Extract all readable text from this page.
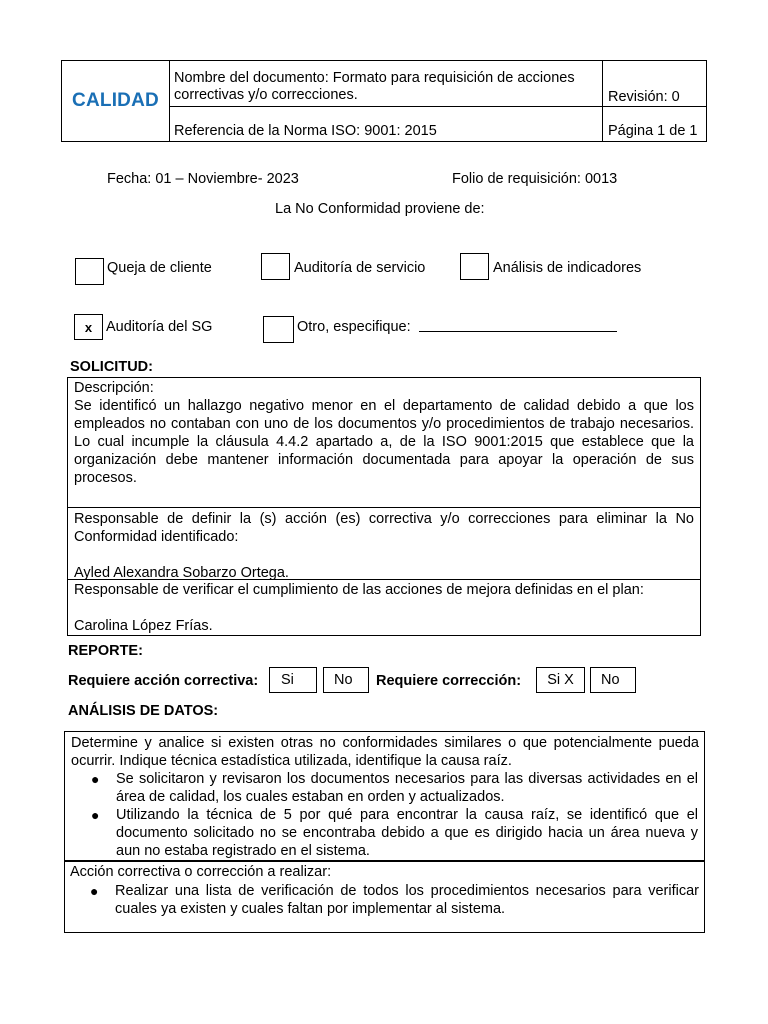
CALIDAD
Nombre del documento: Formato para requisición de acciones correctivas y/o correcciones.	Revisión: 0
Referencia de la Norma ISO: 9001: 2015	Página 1 de 1
Fecha: 01 – Noviembre- 2023	Folio de requisición: 0013
La No Conformidad proviene de:
Queja de cliente	Auditoría de servicio	Análisis de indicadores
x Auditoría del SG	Otro, especifique:
SOLICITUD:
Descripción:
Se identificó un hallazgo negativo menor en el departamento de calidad debido a que los empleados no contaban con uno de los documentos y/o procedimientos de trabajo necesarios. Lo cual incumple la cláusula 4.4.2 apartado a, de la ISO 9001:2015 que establece que la organización debe mantener información documentada para apoyar la operación de sus procesos.
Responsable de definir la (s) acción (es) correctiva y/o correcciones para eliminar la No Conformidad identificado:
Ayled Alexandra Sobarzo Ortega.
Responsable de verificar el cumplimiento de las acciones de mejora definidas en el plan:
Carolina López Frías.
REPORTE:
Requiere acción correctiva:	Si	No	Requiere corrección:	Si X	No
ANÁLISIS DE DATOS:
Determine y analice si existen otras no conformidades similares o que potencialmente pueda ocurrir. Indique técnica estadística utilizada, identifique la causa raíz.
● Se solicitaron y revisaron los documentos necesarios para las diversas actividades en el área de calidad, los cuales estaban en orden y actualizados.
● Utilizando la técnica de 5 por qué para encontrar la causa raíz, se identificó que el documento solicitado no se encontraba debido a que es dirigido hacia un área nueva y aun no estaba registrado en el sistema.
Acción correctiva o corrección a realizar:
● Realizar una lista de verificación de todos los procedimientos necesarios para verificar cuales ya existen y cuales faltan por implementar al sistema.
